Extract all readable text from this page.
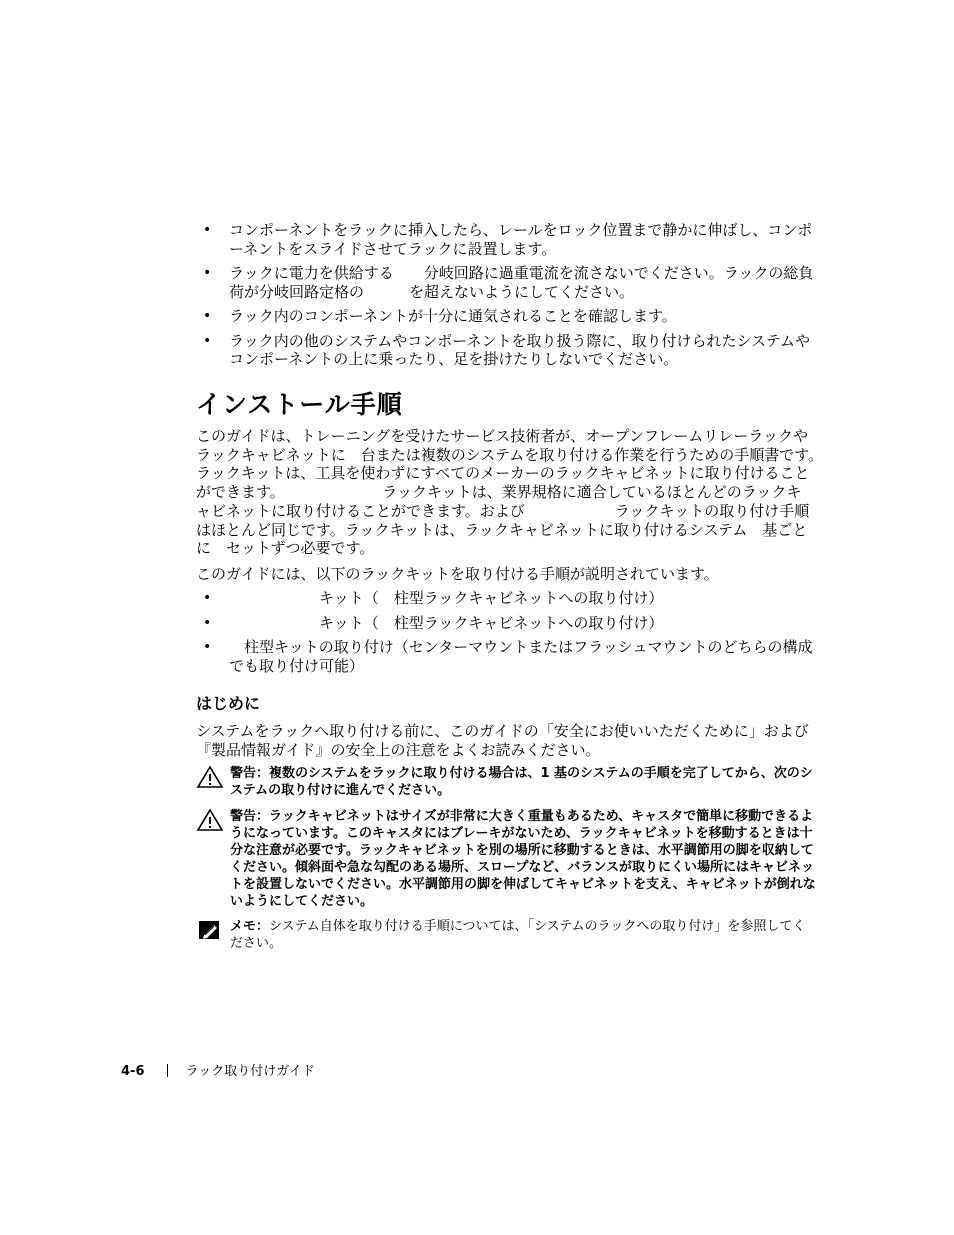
• コンポーネントをラックに挿入したら、レールをロック位置まで静かに伸ばし、コンポーネントをスライドさせてラックに設置します。
• ラックに電力を供給する　　分岐回路に過重電流を流さないでください。ラックの総負荷が分岐回路定格の　　　を超えないようにしてください。
• ラック内のコンポーネントが十分に通気されることを確認します。
• ラック内の他のシステムやコンポーネントを取り扱う際に、取り付けられたシステムやコンポーネントの上に乗ったり、足を掛けたりしないでください。
インストール手順

このガイドは、トレーニングを受けたサービス技術者が、オープンフレームリレーラックやラックキャビネットに　台または複数のシステムを取り付ける作業を行うための手順書です。　　　　　　　ラックキットは、工具を使わずにすべてのメーカーのラックキャビネットに取り付けることができます。　　　　　　　ラックキットは、業界規格に適合しているほとんどのラックキャビネットに取り付けることができます。および　　　　　　ラックキットの取り付け手順はほとんど同じです。ラックキットは、ラックキャビネットに取り付けるシステム　基ごとに　セットずつ必要です。

このガイドには、以下のラックキットを取り付ける手順が説明されています。

• 　　　　　　キット（　柱型ラックキャビネットへの取り付け）
• 　　　　　　キット（　柱型ラックキャビネットへの取り付け）
• 　柱型キットの取り付け（センターマウントまたはフラッシュマウントのどちらの構成でも取り付け可能）
はじめに

システムをラックへ取り付ける前に、このガイドの「安全にお使いいただくために」および『製品情報ガイド』の安全上の注意をよくお読みください。

警告：複数のシステムをラックに取り付ける場合は、1 基のシステムの手順を完了してから、次のシステムの取り付けに進んでください。
警告：ラックキャビネットはサイズが非常に大きく重量もあるため、キャスタで簡単に移動できるようになっています。このキャスタにはブレーキがないため、ラックキャビネットを移動するときは十分な注意が必要です。ラックキャビネットを別の場所に移動するときは、水平調節用の脚を収納してください。傾斜面や急な勾配のある場所、スロープなど、バランスが取りにくい場所にはキャビネットを設置しないでください。水平調節用の脚を伸ばしてキャビネットを支え、キャビネットが倒れないようにしてください。
メモ：システム自体を取り付ける手順については、「システムのラックへの取り付け」を参照してください。
4-6	ラック取り付けガイド
